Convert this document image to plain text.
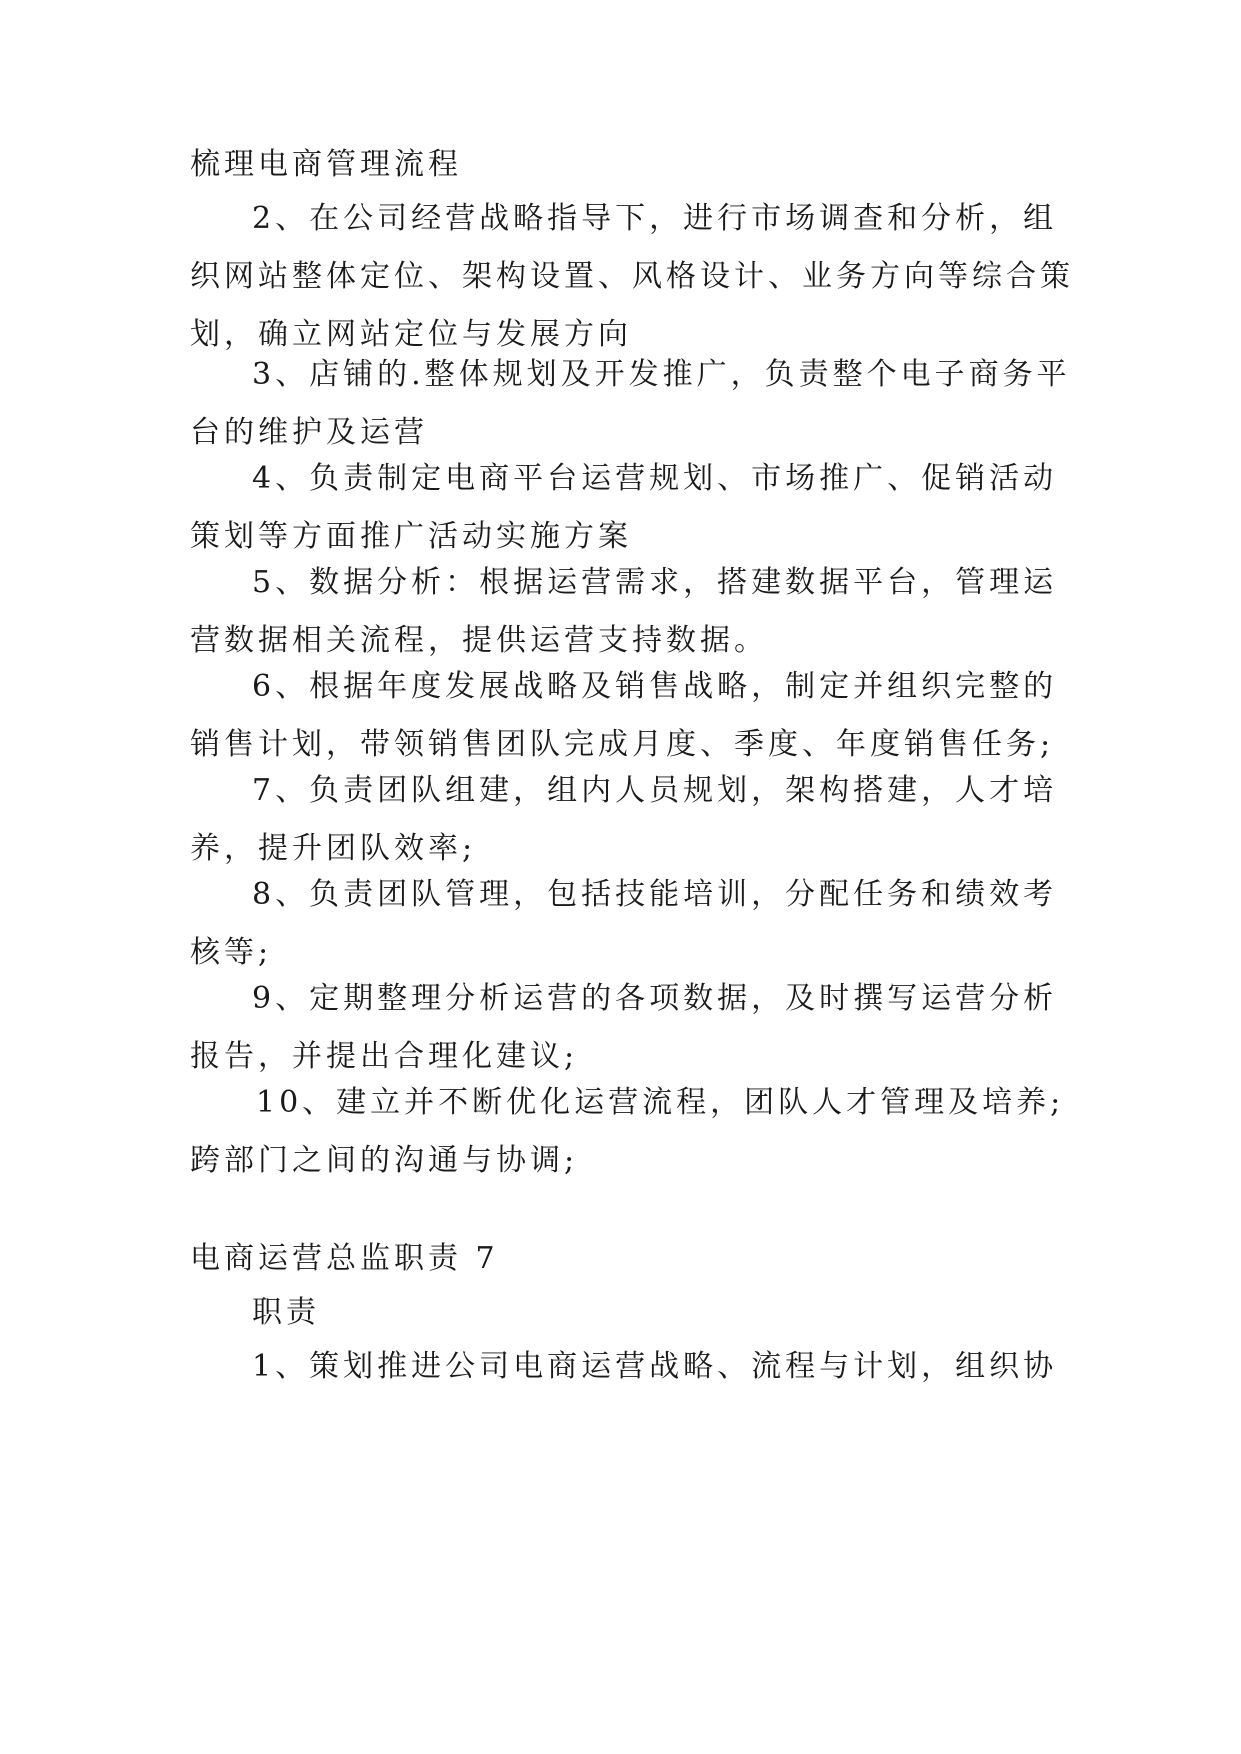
梳理电商管理流程

2、在公司经营战略指导下，进行市场调查和分析，组
织网站整体定位、架构设置、风格设计、业务方向等综合策
划，确立网站定位与发展方向

3、店铺的.整体规划及开发推广，负责整个电子商务平
台的维护及运营

4、负责制定电商平台运营规划、市场推广、促销活动
策划等方面推广活动实施方案

5、数据分析：根据运营需求，搭建数据平台，管理运
营数据相关流程，提供运营支持数据。

6、根据年度发展战略及销售战略，制定并组织完整的
销售计划，带领销售团队完成月度、季度、年度销售任务;

7、负责团队组建，组内人员规划，架构搭建，人才培
养，提升团队效率;

8、负责团队管理，包括技能培训，分配任务和绩效考
核等;

9、定期整理分析运营的各项数据，及时撰写运营分析
报告，并提出合理化建议;

10、建立并不断优化运营流程，团队人才管理及培养;
跨部门之间的沟通与协调;

电商运营总监职责 7

职责

1、策划推进公司电商运营战略、流程与计划，组织协
